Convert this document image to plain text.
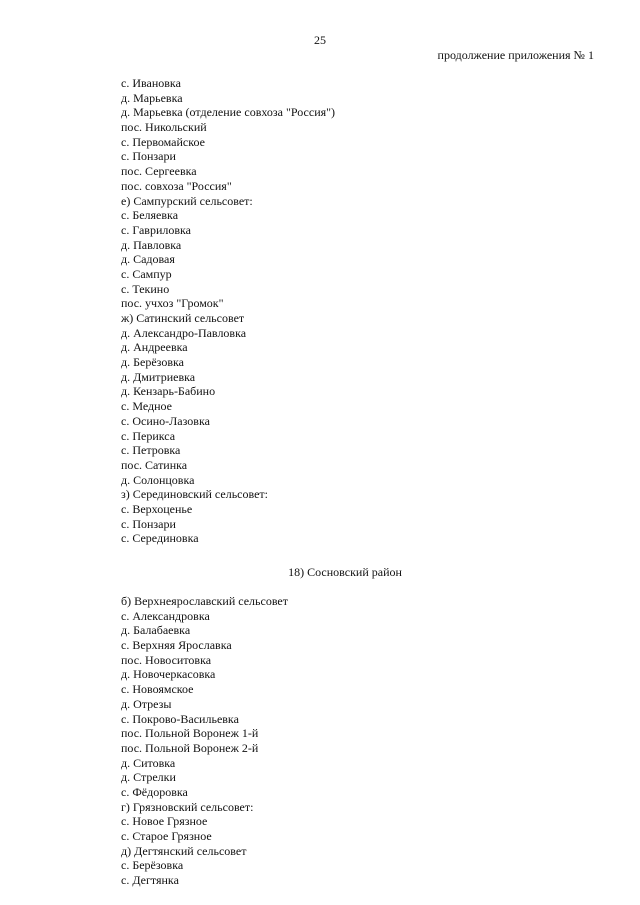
25
продолжение приложения № 1
с. Ивановка
д. Марьевка
д. Марьевка (отделение совхоза "Россия")
пос. Никольский
с. Первомайское
с. Понзари
пос. Сергеевка
пос. совхоза "Россия"
е) Сампурский сельсовет:
с. Беляевка
с. Гавриловка
д. Павловка
д. Садовая
с. Сампур
с. Текино
пос. учхоз "Громок"
ж) Сатинский сельсовет
д. Александро-Павловка
д. Андреевка
д. Берёзовка
д. Дмитриевка
д. Кензарь-Бабино
с. Медное
с. Осино-Лазовка
с. Перикса
с. Петровка
пос. Сатинка
д. Солонцовка
з) Серединовский сельсовет:
с. Верхоценье
с. Понзари
с. Серединовка
18) Сосновский район
б) Верхнеярославский сельсовет
с. Александровка
д. Балабаевка
с. Верхняя Ярославка
пос. Новоситовка
д. Новочеркасовка
с. Новоямское
д. Отрезы
с. Покрово-Васильевка
пос. Польной Воронеж 1-й
пос. Польной Воронеж 2-й
д. Ситовка
д. Стрелки
с. Фёдоровка
г) Грязновский сельсовет:
с. Новое Грязное
с. Старое Грязное
д) Дегтянский сельсовет
с. Берёзовка
с. Дегтянка
